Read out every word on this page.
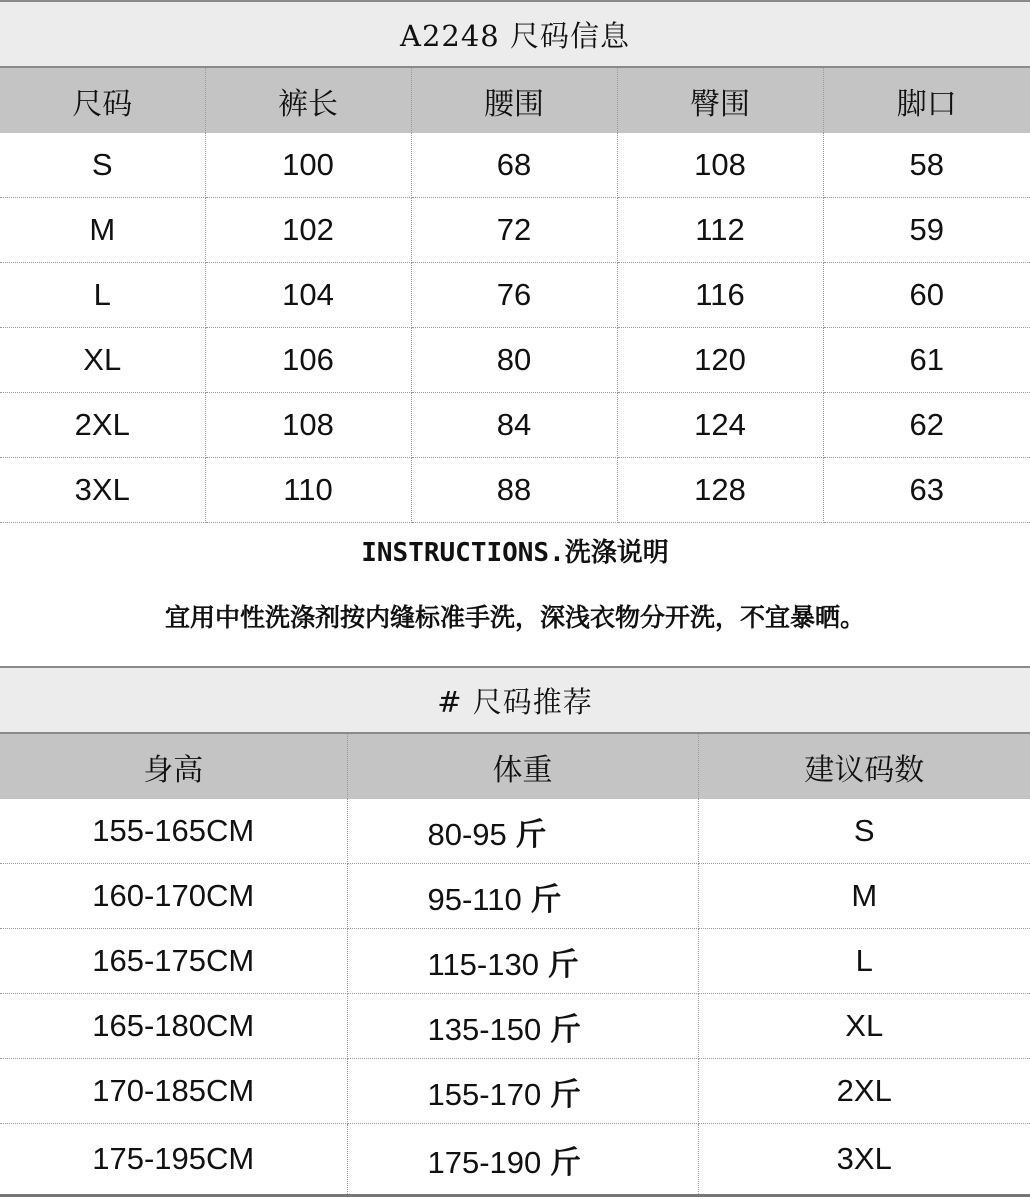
A2248 尺码信息
尺码	裤长	腰围	臀围	脚口
S	100	68	108	58
M	102	72	112	59
L	104	76	116	60
XL	106	80	120	61
2XL	108	84	124	62
3XL	110	88	128	63
INSTRUCTIONS.洗涤说明
宜用中性洗涤剂按内缝标准手洗，深浅衣物分开洗，不宜暴晒。
# 尺码推荐
身高	体重	建议码数
155-165CM	80-95 斤	S
160-170CM	95-110 斤	M
165-175CM	115-130 斤	L
165-180CM	135-150 斤	XL
170-185CM	155-170 斤	2XL
175-195CM	175-190 斤	3XL
